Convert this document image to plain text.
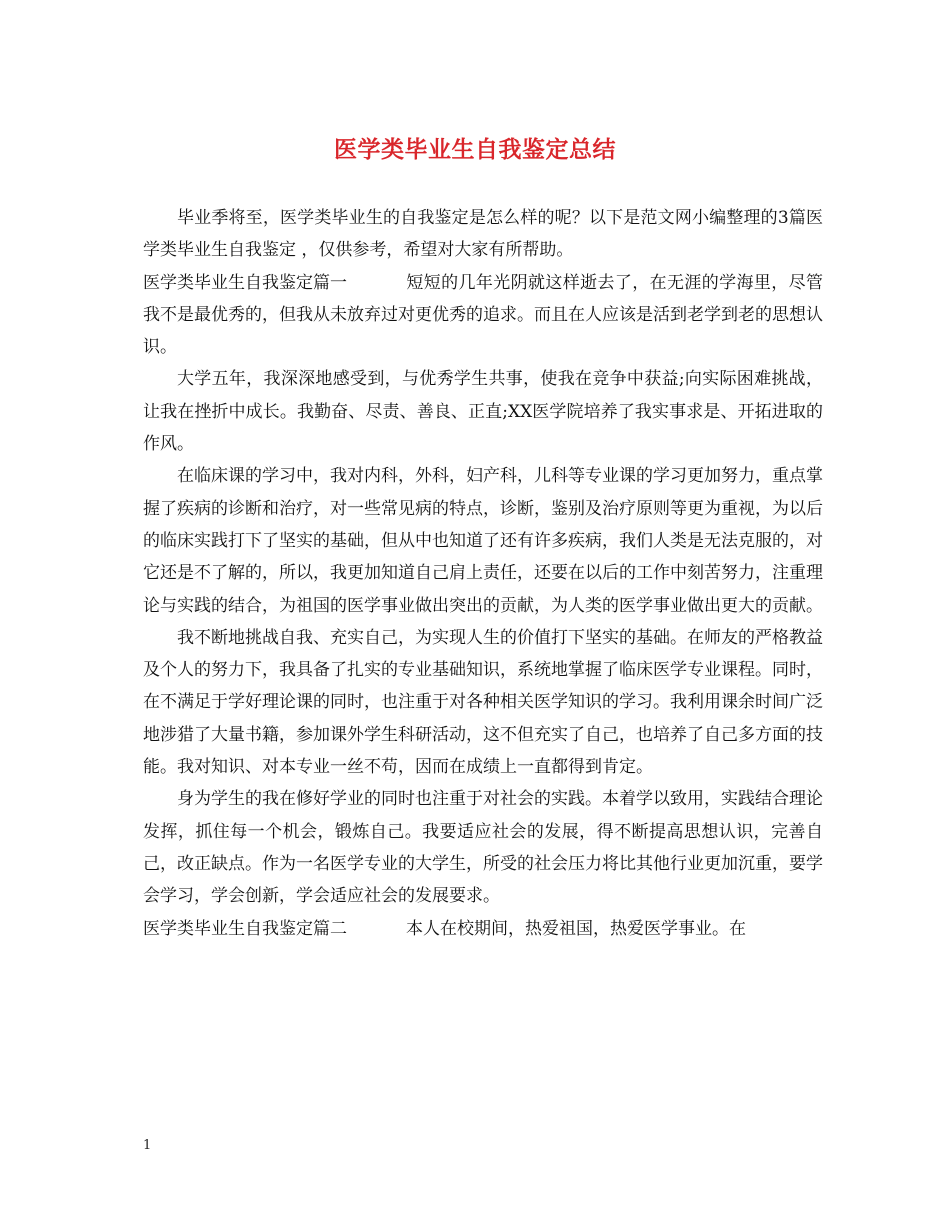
医学类毕业生自我鉴定总结

毕业季将至，医学类毕业生的自我鉴定是怎么样的呢？以下是范文网小编整理的3篇医学类毕业生自我鉴定 ，仅供参考，希望对大家有所帮助。

医学类毕业生自我鉴定篇一	短短的几年光阴就这样逝去了，在无涯的学海里，尽管我不是最优秀的，但我从未放弃过对更优秀的追求。而且在人应该是活到老学到老的思想认识。

大学五年，我深深地感受到，与优秀学生共事，使我在竞争中获益;向实际困难挑战，让我在挫折中成长。我勤奋、尽责、善良、正直;XX医学院培养了我实事求是、开拓进取的作风。

在临床课的学习中，我对内科，外科，妇产科，儿科等专业课的学习更加努力，重点掌握了疾病的诊断和治疗，对一些常见病的特点，诊断，鉴别及治疗原则等更为重视，为以后的临床实践打下了坚实的基础，但从中也知道了还有许多疾病，我们人类是无法克服的，对它还是不了解的，所以，我更加知道自己肩上责任，还要在以后的工作中刻苦努力，注重理论与实践的结合，为祖国的医学事业做出突出的贡献，为人类的医学事业做出更大的贡献。

我不断地挑战自我、充实自己，为实现人生的价值打下坚实的基础。在师友的严格教益及个人的努力下，我具备了扎实的专业基础知识，系统地掌握了临床医学专业课程。同时，在不满足于学好理论课的同时，也注重于对各种相关医学知识的学习。我利用课余时间广泛地涉猎了大量书籍，参加课外学生科研活动，这不但充实了自己，也培养了自己多方面的技能。我对知识、对本专业一丝不苟，因而在成绩上一直都得到肯定。

身为学生的我在修好学业的同时也注重于对社会的实践。本着学以致用，实践结合理论发挥，抓住每一个机会，锻炼自己。我要适应社会的发展，得不断提高思想认识，完善自己，改正缺点。作为一名医学专业的大学生，所受的社会压力将比其他行业更加沉重，要学会学习，学会创新，学会适应社会的发展要求。

医学类毕业生自我鉴定篇二	本人在校期间，热爱祖国，热爱医学事业。在

1
